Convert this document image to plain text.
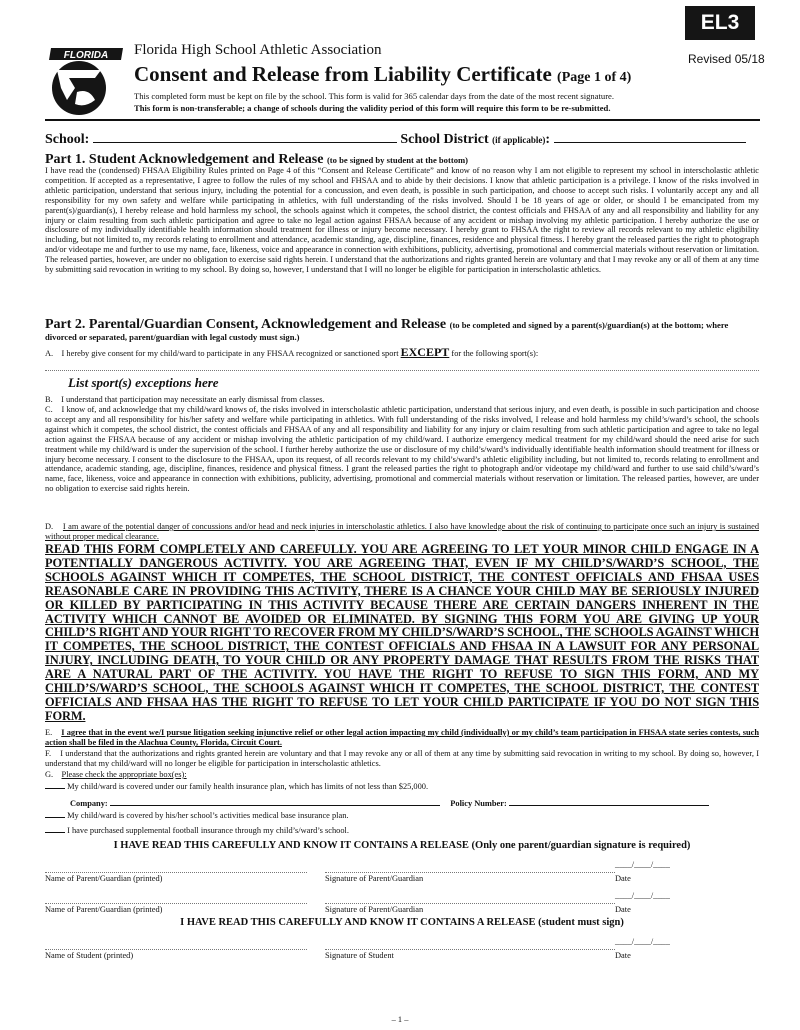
EL3
FLORIDA Florida High School Athletic Association
Revised 05/18
Consent and Release from Liability Certificate (Page 1 of 4)
This completed form must be kept on file by the school. This form is valid for 365 calendar days from the date of the most recent signature.
This form is non-transferable; a change of schools during the validity period of this form will require this form to be re-submitted.
School:	School District (if applicable):
Part 1. Student Acknowledgement and Release (to be signed by student at the bottom)

I have read the (condensed) FHSAA Eligibility Rules printed on Page 4 of this “Consent and Release Certificate” and know of no reason why I am not eligible to represent my school in interscholastic athletic competition. If accepted as a representative, I agree to follow the rules of my school and FHSAA and to abide by their decisions. I know that athletic participation is a privilege. I know of the risks involved in athletic participation, understand that serious injury, including the potential for a concussion, and even death, is possible in such participation, and choose to accept such risks. I voluntarily accept any and all responsibility for my own safety and welfare while participating in athletics, with full understanding of the risks involved. Should I be 18 years of age or older, or should I be emancipated from my parent(s)/guardian(s), I hereby release and hold harmless my school, the schools against which it competes, the school district, the contest officials and FHSAA of any and all responsibility and liability for any injury or claim resulting from such athletic participation and agree to take no legal action against FHSAA because of any accident or mishap involving my athletic participation. I hereby authorize the use or disclosure of my individually identifiable health information should treatment for illness or injury become necessary. I hereby grant to FHSAA the right to review all records relevant to my athletic eligibility including, but not limited to, my records relating to enrollment and attendance, academic standing, age, discipline, finances, residence and physical fitness. I hereby grant the released parties the right to photograph and/or videotape me and further to use my name, face, likeness, voice and appearance in connection with exhibitions, publicity, advertising, promotional and commercial materials without reservation or limitation. The released parties, however, are under no obligation to exercise said rights herein. I understand that the authorizations and rights granted herein are voluntary and that I may revoke any or all of them at any time by submitting said revocation in writing to my school. By doing so, however, I understand that I will no longer be eligible for participation in interscholastic athletics.

Part 2. Parental/Guardian Consent, Acknowledgement and Release (to be completed and signed by a parent(s)/guardian(s) at the bottom; where divorced or separated, parent/guardian with legal custody must sign.)
A. I hereby give consent for my child/ward to participate in any FHSAA recognized or sanctioned sport EXCEPT for the following sport(s):
List sport(s) exceptions here
B. I understand that participation may necessitate an early dismissal from classes.

C. I know of, and acknowledge that my child/ward knows of, the risks involved in interscholastic athletic participation, understand that serious injury, and even death, is possible in such participation and choose to accept any and all responsibility for his/her safety and welfare while participating in athletics. With full understanding of the risks involved, I release and hold harmless my child’s/ward’s school, the schools against which it competes, the school district, the contest officials and FHSAA of any and all responsibility and liability for any injury or claim resulting from such athletic participation and agree to take no legal action against the FHSAA because of any accident or mishap involving the athletic participation of my child/ward. I authorize emergency medical treatment for my child/ward should the need arise for such treatment while my child/ward is under the supervision of the school. I further hereby authorize the use or disclosure of my child’s/ward’s individually identifiable health information should treatment for illness or injury become necessary. I consent to the disclosure to the FHSAA, upon its request, of all records relevant to my child’s/ward’s athletic eligibility including, but not limited to, records relating to enrollment and attendance, academic standing, age, discipline, finances, residence and physical fitness. I grant the released parties the right to photograph and/or videotape my child/ward and further to use said child’s/ward’s name, face, likeness, voice and appearance in connection with exhibitions, publicity, advertising, promotional and commercial materials without reservation or limitation. The released parties, however, are under no obligation to exercise said rights herein.

D. I am aware of the potential danger of concussions and/or head and neck injuries in interscholastic athletics. I also have knowledge about the risk of continuing to participate once such an injury is sustained without proper medical clearance.

READ THIS FORM COMPLETELY AND CAREFULLY. YOU ARE AGREEING TO LET YOUR MINOR CHILD ENGAGE IN A POTENTIALLY DANGEROUS ACTIVITY. YOU ARE AGREEING THAT, EVEN IF MY CHILD’S/WARD’S SCHOOL, THE SCHOOLS AGAINST WHICH IT COMPETES, THE SCHOOL DISTRICT, THE CONTEST OFFICIALS AND FHSAA USES REASONABLE CARE IN PROVIDING THIS ACTIVITY, THERE IS A CHANCE YOUR CHILD MAY BE SERIOUSLY INJURED OR KILLED BY PARTICIPATING IN THIS ACTIVITY BECAUSE THERE ARE CERTAIN DANGERS INHERENT IN THE ACTIVITY WHICH CANNOT BE AVOIDED OR ELIMINATED. BY SIGNING THIS FORM YOU ARE GIVING UP YOUR CHILD’S RIGHT AND YOUR RIGHT TO RECOVER FROM MY CHILD’S/WARD’S SCHOOL, THE SCHOOLS AGAINST WHICH IT COMPETES, THE SCHOOL DISTRICT, THE CONTEST OFFICIALS AND FHSAA IN A LAWSUIT FOR ANY PERSONAL INJURY, INCLUDING DEATH, TO YOUR CHILD OR ANY PROPERTY DAMAGE THAT RESULTS FROM THE RISKS THAT ARE A NATURAL PART OF THE ACTIVITY. YOU HAVE THE RIGHT TO REFUSE TO SIGN THIS FORM, AND MY CHILD’S/WARD’S SCHOOL, THE SCHOOLS AGAINST WHICH IT COMPETES, THE SCHOOL DISTRICT, THE CONTEST OFFICIALS AND FHSAA HAS THE RIGHT TO REFUSE TO LET YOUR CHILD PARTICIPATE IF YOU DO NOT SIGN THIS FORM.

E. I agree that in the event we/I pursue litigation seeking injunctive relief or other legal action impacting my child (individually) or my child’s team participation in FHSAA state series contests, such action shall be filed in the Alachua County, Florida, Circuit Court.

F. I understand that the authorizations and rights granted herein are voluntary and that I may revoke any or all of them at any time by submitting said revocation in writing to my school. By doing so, however, I understand that my child/ward will no longer be eligible for participation in interscholastic athletics.

G. Please check the appropriate box(es):
My child/ward is covered under our family health insurance plan, which has limits of not less than $25,000.
Company:	Policy Number:
My child/ward is covered by his/her school’s activities medical base insurance plan.
I have purchased supplemental football insurance through my child’s/ward’s school.
I HAVE READ THIS CAREFULLY AND KNOW IT CONTAINS A RELEASE (Only one parent/guardian signature is required)
____/____/____
Name of Parent/Guardian (printed)	Signature of Parent/Guardian	Date
____/____/____
Name of Parent/Guardian (printed)	Signature of Parent/Guardian	Date
I HAVE READ THIS CAREFULLY AND KNOW IT CONTAINS A RELEASE (student must sign)
____/____/____
Name of Student (printed)	Signature of Student	Date
– 1 –
